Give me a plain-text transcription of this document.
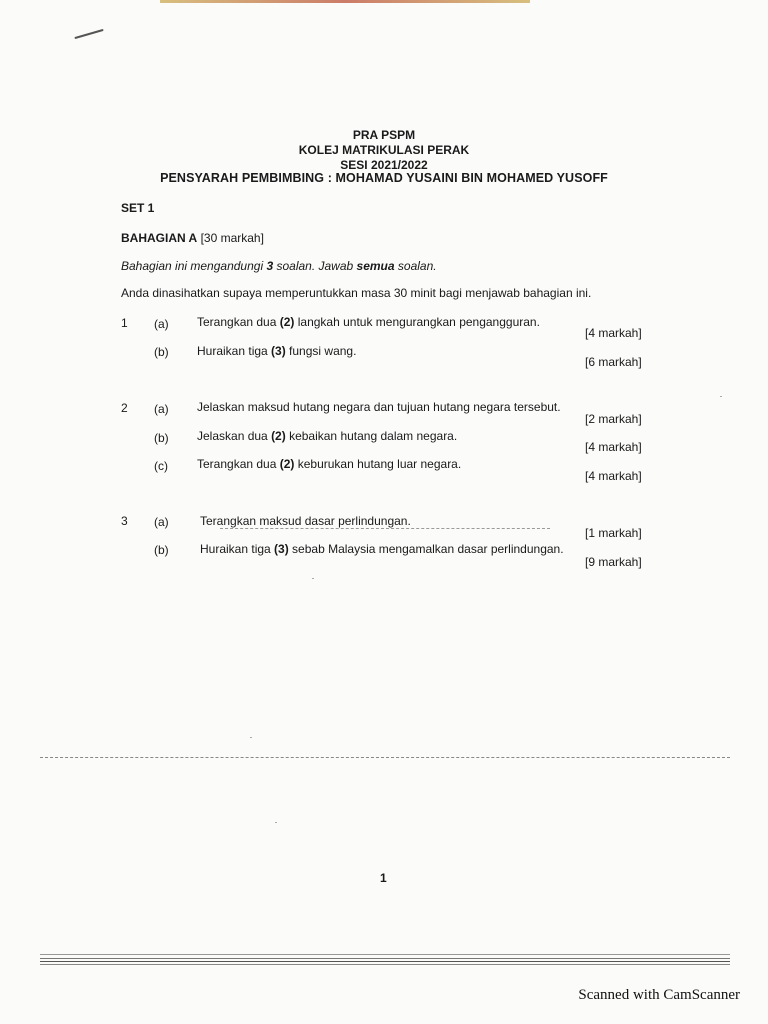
PRA PSPM
KOLEJ MATRIKULASI PERAK
SESI 2021/2022
PENSYARAH PEMBIMBING : MOHAMAD YUSAINI BIN MOHAMED YUSOFF
SET 1
BAHAGIAN A [30 markah]
Bahagian ini mengandungi 3 soalan. Jawab semua soalan.
Anda dinasihatkan supaya memperuntukkan masa 30 minit bagi menjawab bahagian ini.
1 (a) Terangkan dua (2) langkah untuk mengurangkan pengangguran.
[4 markah]
(b) Huraikan tiga (3) fungsi wang.
[6 markah]
2 (a) Jelaskan maksud hutang negara dan tujuan hutang negara tersebut.
[2 markah]
(b) Jelaskan dua (2) kebaikan hutang dalam negara.
[4 markah]
(c) Terangkan dua (2) keburukan hutang luar negara.
[4 markah]
3 (a)	Terangkan maksud dasar perlindungan.
[1 markah]
(b)	Huraikan tiga (3) sebab Malaysia mengamalkan dasar perlindungan.
[9 markah]
1
Scanned with CamScanner
